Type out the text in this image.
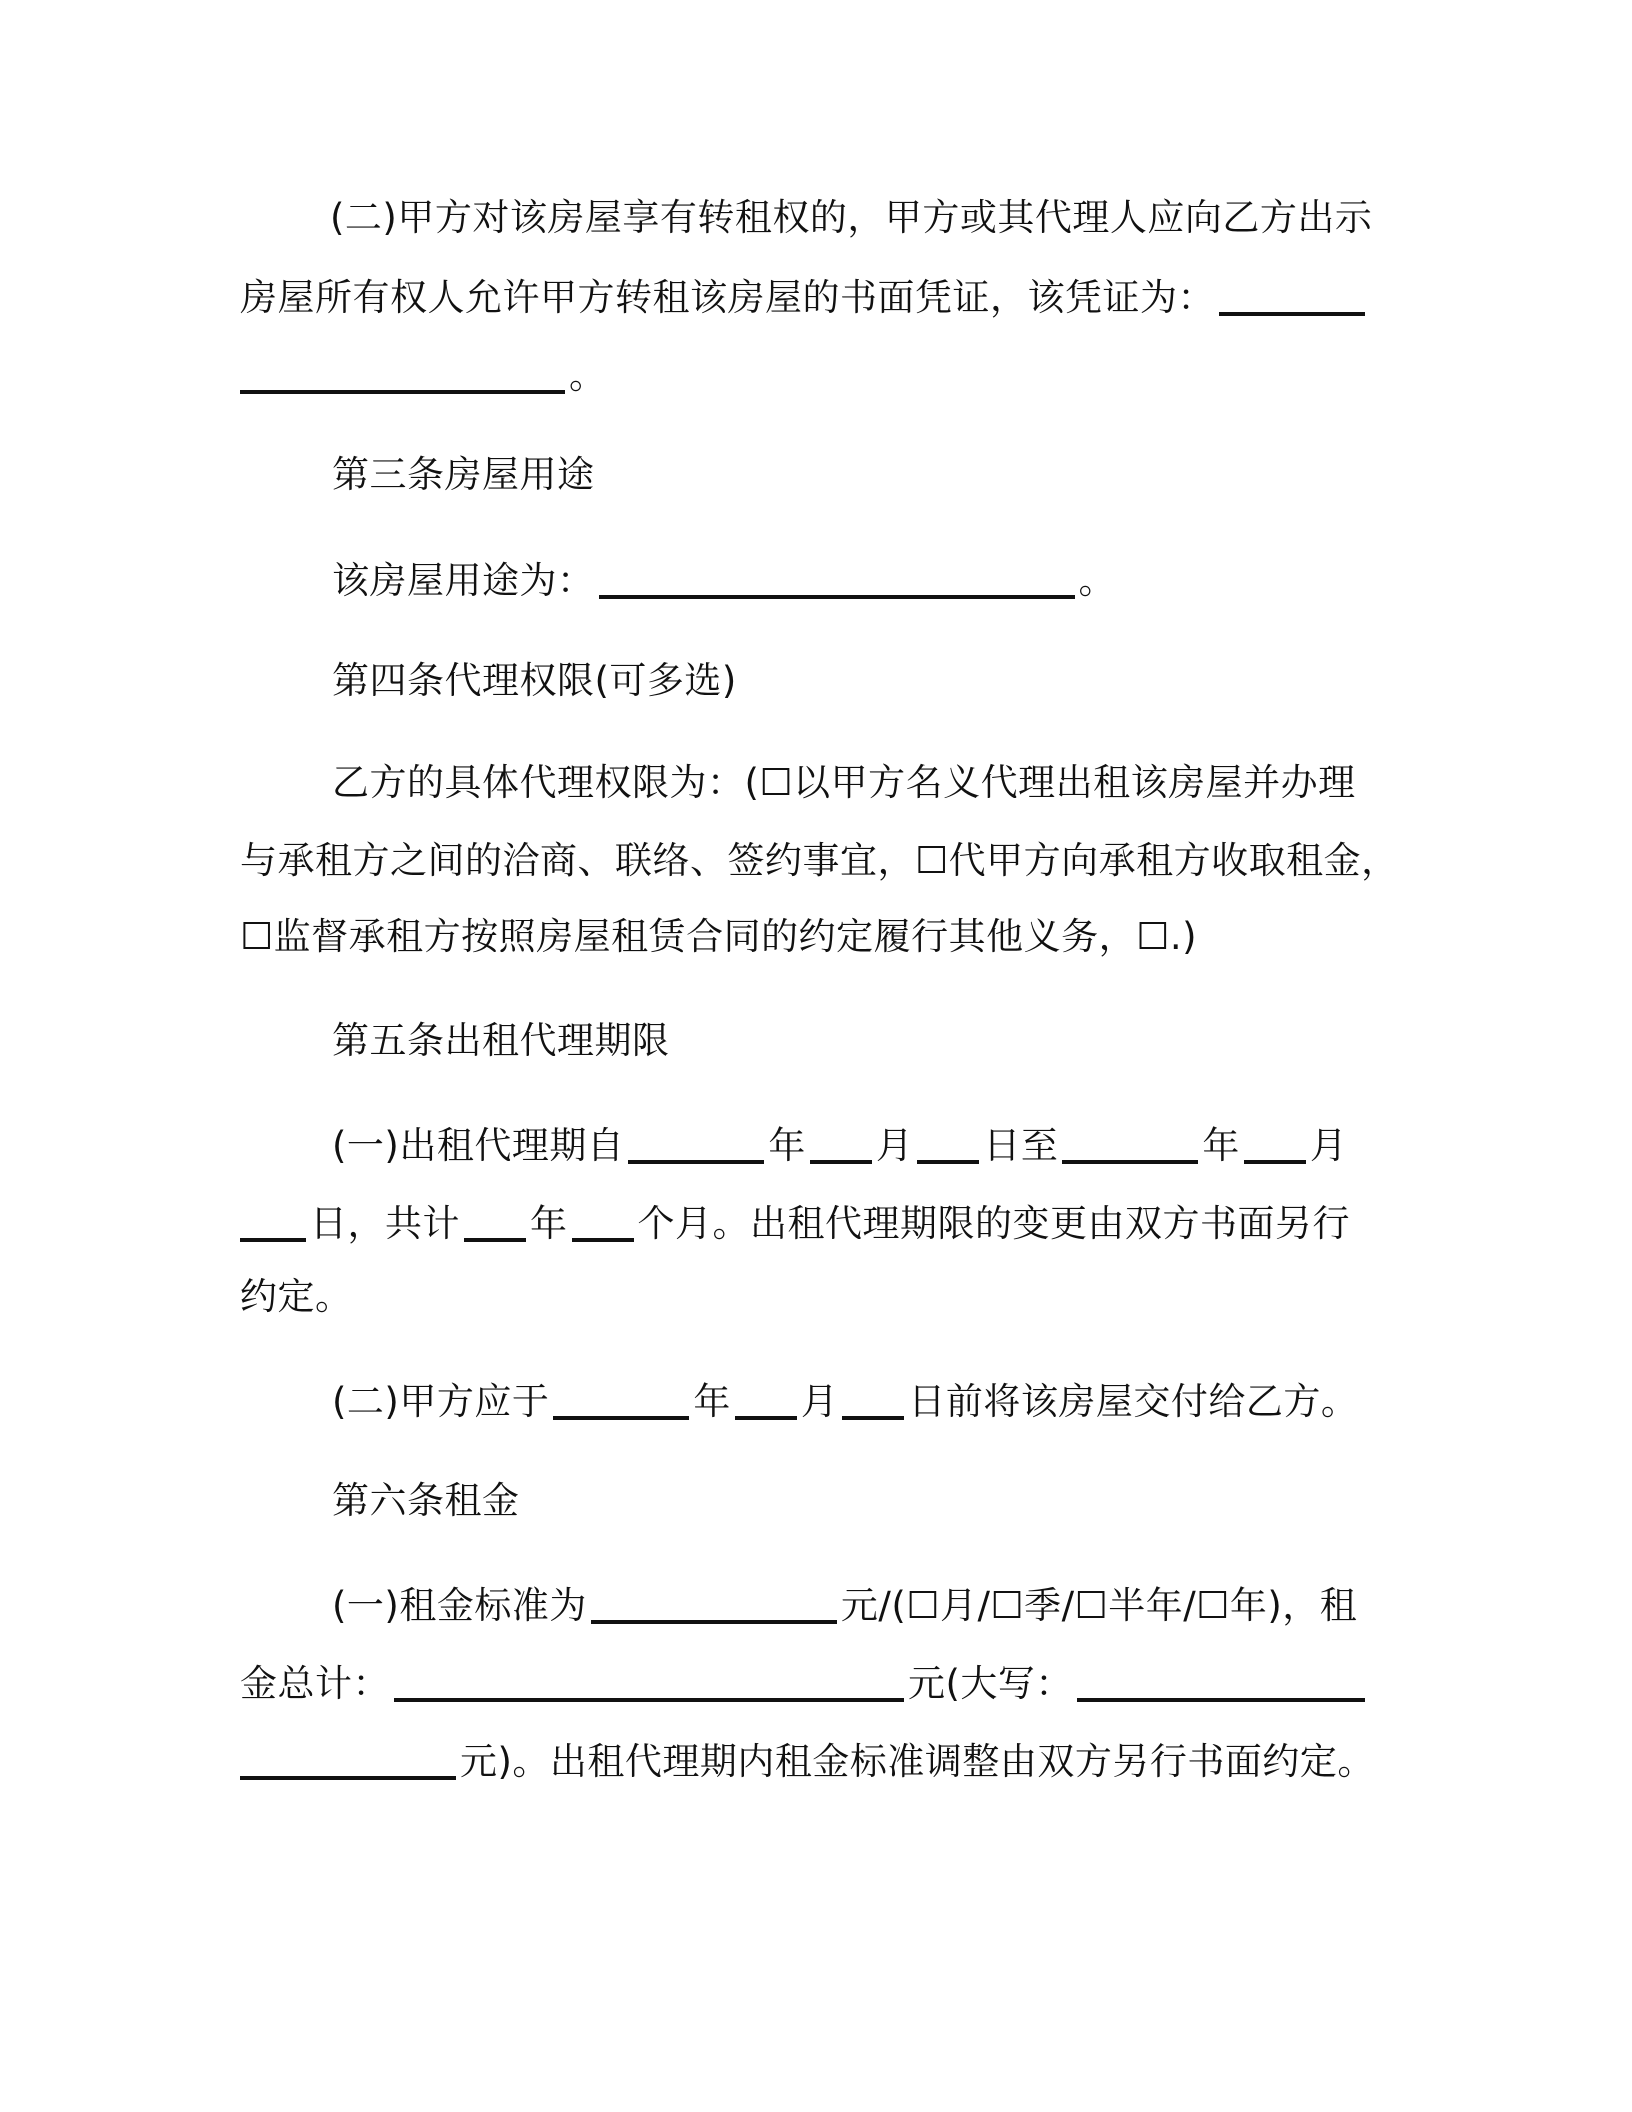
(二)甲方对该房屋享有转租权的，甲方或其代理人应向乙方出示
房屋所有权人允许甲方转租该房屋的书面凭证，该凭证为：
。
第三条房屋用途
该房屋用途为：	。
第四条代理权限(可多选)
乙方的具体代理权限为：(☐以甲方名义代理出租该房屋并办理
与承租方之间的洽商、联络、签约事宜，☐代甲方向承租方收取租金，
☐监督承租方按照房屋租赁合同的约定履行其他义务，☐.)
第五条出租代理期限
(一)出租代理期自	年 月 日至	年 月
日，共计 年 个月。出租代理期限的变更由双方书面另行
约定。
(二)甲方应于	年 月 日前将该房屋交付给乙方。
第六条租金
(一)租金标准为	元/(☐月/☐季/☐半年/☐年)，租
金总计：	元(大写：
元)。出租代理期内租金标准调整由双方另行书面约定。
